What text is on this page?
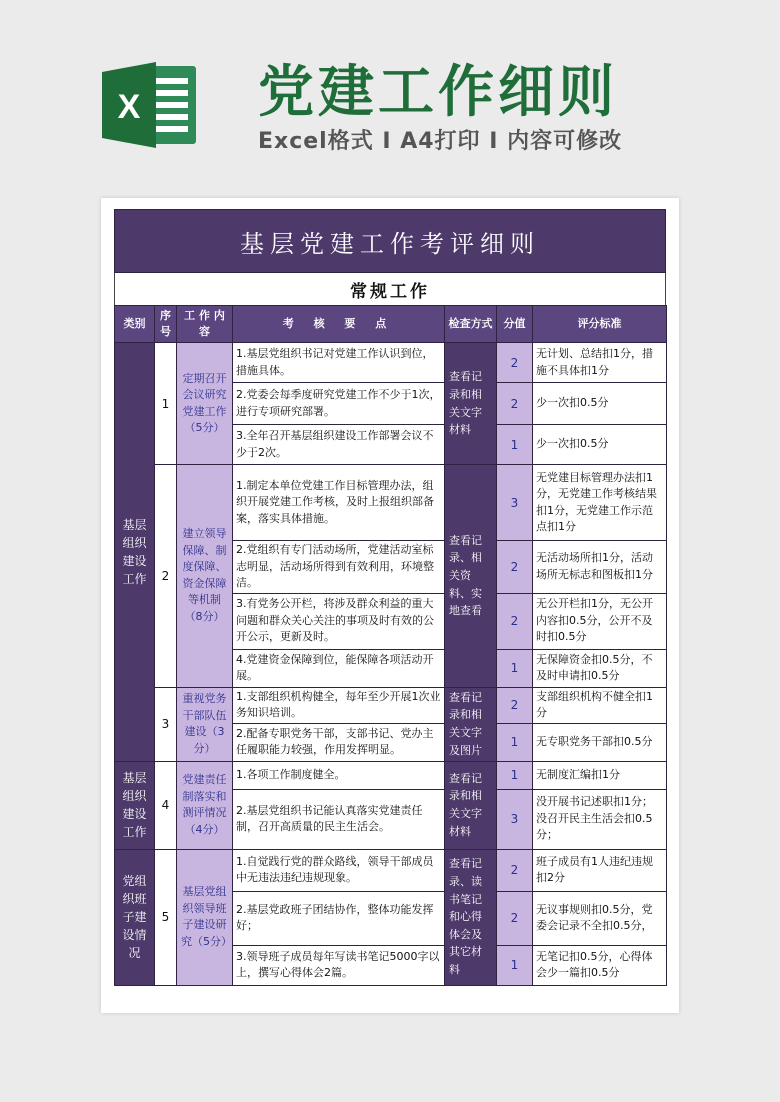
X 党建工作细则
Excel格式 I A4打印 I 内容可修改
基层党建工作考评细则
常规工作
类别	序号	工 作 内 容	考 核 要 点	检查方式	分值	评分标准
基层组织建设工作	1	定期召开会议研究党建工作（5分）	1.基层党组织书记对党建工作认识到位，措施具体。	查看记录和相关文字材料	2	无计划、总结扣1分，措施不具体扣1分
			2.党委会每季度研究党建工作不少于1次，进行专项研究部署。		2	少一次扣0.5分
			3.全年召开基层组织建设工作部署会议不少于2次。		1	少一次扣0.5分
	2	建立领导保障、制度保障、资金保障等机制（8分）	1.制定本单位党建工作目标管理办法，组织开展党建工作考核，及时上报组织部备案，落实具体措施。	查看记录、相关资料、实地查看	3	无党建目标管理办法扣1分，无党建工作考核结果扣1分，无党建工作示范点扣1分
			2.党组织有专门活动场所，党建活动室标志明显，活动场所得到有效利用，环境整洁。		2	无活动场所扣1分，活动场所无标志和图板扣1分
			3.有党务公开栏，将涉及群众利益的重大问题和群众关心关注的事项及时有效的公开公示，更新及时。		2	无公开栏扣1分，无公开内容扣0.5分，公开不及时扣0.5分
			4.党建资金保障到位，能保障各项活动开展。		1	无保障资金扣0.5分，不及时申请扣0.5分
	3	重视党务干部队伍建设（3分）	1.支部组织机构健全，每年至少开展1次业务知识培训。	查看记录和相关文字及图片	2	支部组织机构不健全扣1分
			2.配备专职党务干部，支部书记、党办主任履职能力较强，作用发挥明显。		1	无专职党务干部扣0.5分
基层组织建设工作	4	党建责任制落实和测评情况（4分）	1.各项工作制度健全。	查看记录和相关文字材料	1	无制度汇编扣1分
			2.基层党组织书记能认真落实党建责任制，召开高质量的民主生活会。		3	没开展书记述职扣1分；没召开民主生活会扣0.5分；
党组织班子建设情况	5	基层党组织领导班子建设研究（5分）	1.自觉践行党的群众路线，领导干部成员中无违法违纪违规现象。	查看记录、读书笔记和心得体会及其它材料	2	班子成员有1人违纪违规扣2分
			2.基层党政班子团结协作，整体功能发挥好；		2	无议事规则扣0.5分，党委会记录不全扣0.5分，
			3.领导班子成员每年写读书笔记5000字以上，撰写心得体会2篇。		1	无笔记扣0.5分，心得体会少一篇扣0.5分
